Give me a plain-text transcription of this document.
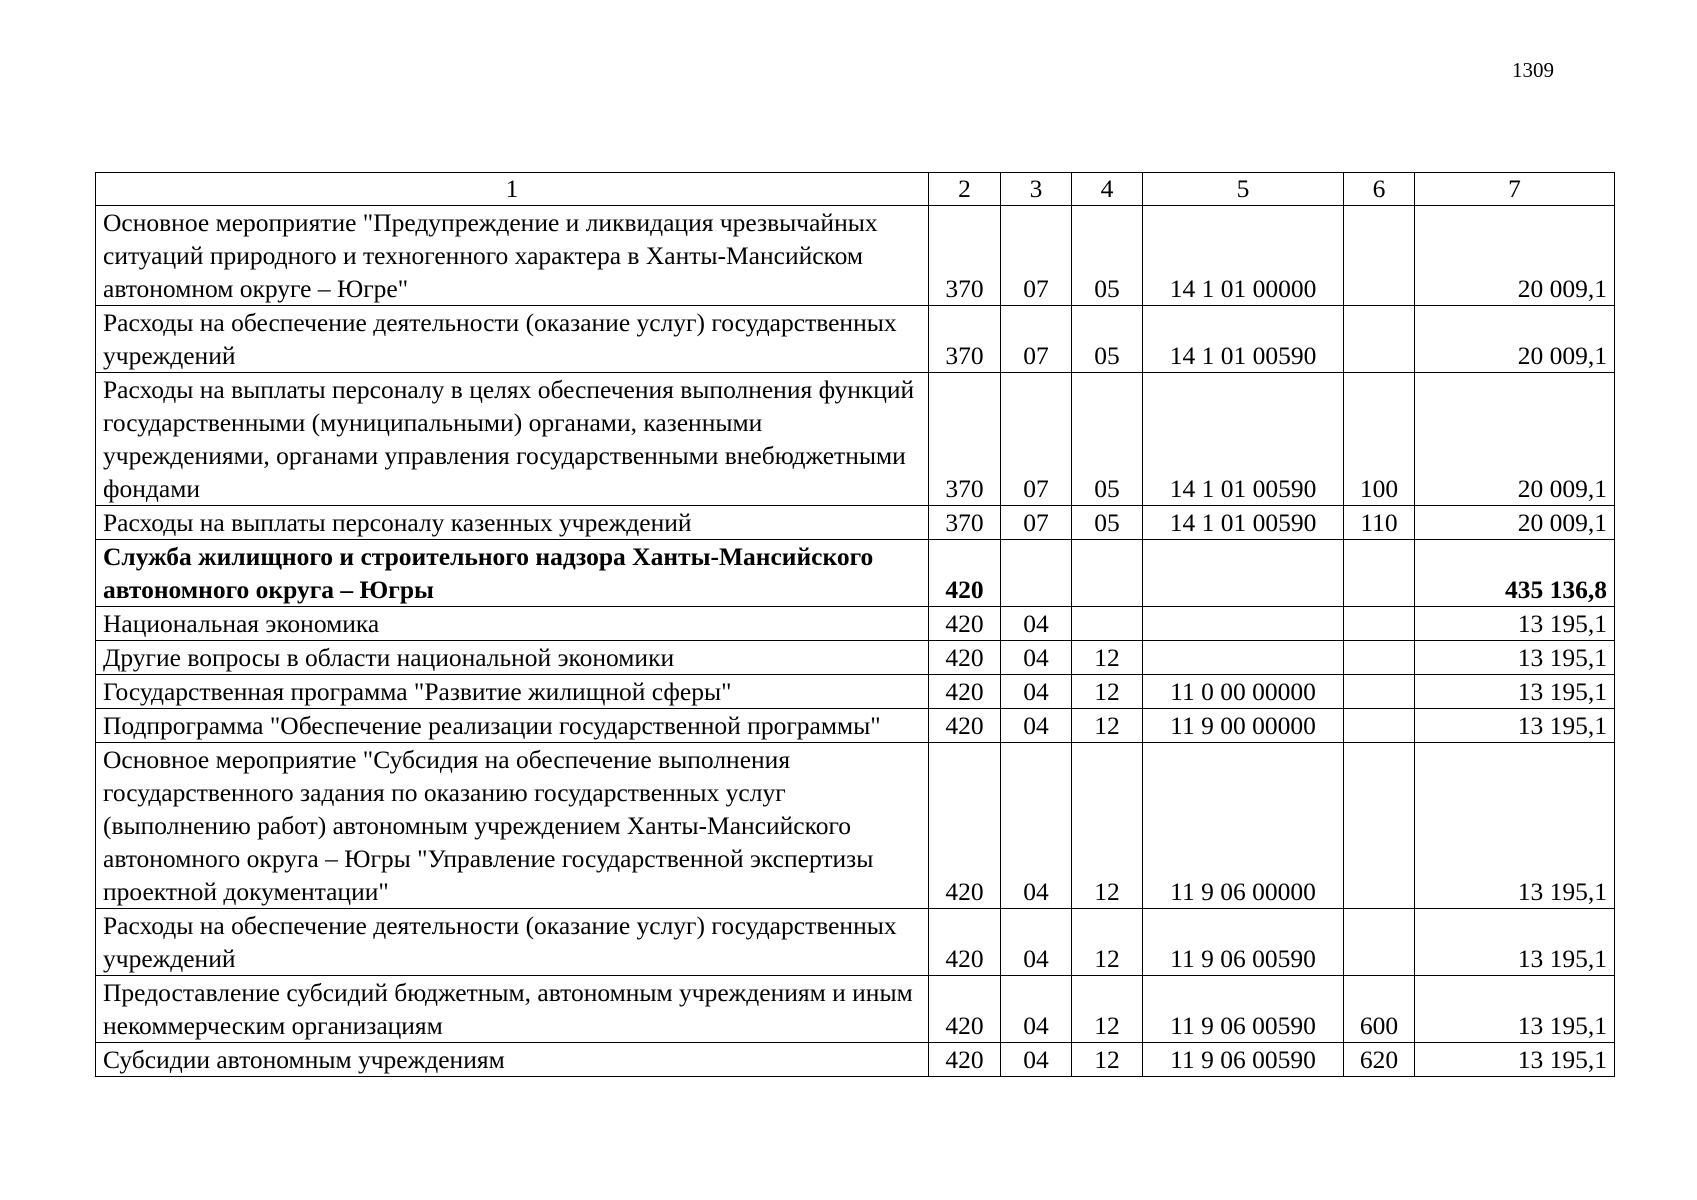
1309
1	2	3	4	5	6	7
Основное мероприятие "Предупреждение и ликвидация чрезвычайных ситуаций природного и техногенного характера в Ханты-Мансийском автономном округе – Югре"	370	07	05	14 1 01 00000		20 009,1
Расходы на обеспечение деятельности (оказание услуг) государственных учреждений	370	07	05	14 1 01 00590		20 009,1
Расходы на выплаты персоналу в целях обеспечения выполнения функций государственными (муниципальными) органами, казенными учреждениями, органами управления государственными внебюджетными фондами	370	07	05	14 1 01 00590	100	20 009,1
Расходы на выплаты персоналу казенных учреждений	370	07	05	14 1 01 00590	110	20 009,1
Служба жилищного и строительного надзора Ханты-Мансийского автономного округа – Югры	420					435 136,8
Национальная экономика	420	04				13 195,1
Другие вопросы в области национальной экономики	420	04	12			13 195,1
Государственная программа "Развитие жилищной сферы"	420	04	12	11 0 00 00000		13 195,1
Подпрограмма "Обеспечение реализации государственной программы"	420	04	12	11 9 00 00000		13 195,1
Основное мероприятие "Субсидия на обеспечение выполнения государственного задания по оказанию государственных услуг (выполнению работ) автономным учреждением Ханты-Мансийского автономного округа – Югры "Управление государственной экспертизы проектной документации"	420	04	12	11 9 06 00000		13 195,1
Расходы на обеспечение деятельности (оказание услуг) государственных учреждений	420	04	12	11 9 06 00590		13 195,1
Предоставление субсидий бюджетным, автономным учреждениям и иным некоммерческим организациям	420	04	12	11 9 06 00590	600	13 195,1
Субсидии автономным учреждениям	420	04	12	11 9 06 00590	620	13 195,1
